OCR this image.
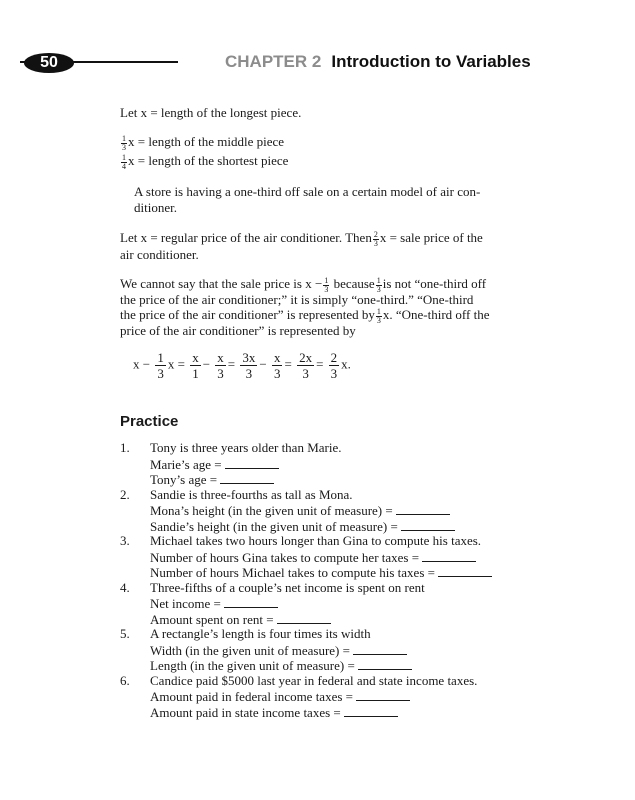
50	CHAPTER 2 Introduction to Variables
Let x = length of the longest piece.
$\frac{1}{3}$ x = length of the middle piece
$\frac{1}{4}$ x = length of the shortest piece
A store is having a one-third off sale on a certain model of air con-
ditioner.
Let x = regular price of the air conditioner. Then $\frac{2}{3}$ x = sale price of the
air conditioner.
We cannot say that the sale price is $x - \frac{1}{3}$ because $\frac{1}{3}$ is not “one-third off
the price of the air conditioner;” it is simply “one-third.” “One-third
the price of the air conditioner” is represented by $\frac{1}{3} x$. “One-third off the
price of the air conditioner” is represented by
$x - \frac{1}{3}$ $x = \frac{x}{1} - \frac{x}{3} = \frac{3x}{3} - \frac{x}{3} = \frac{2x}{3} = \frac{2}{3} x$.
Practice
1. Tony is three years older than Marie.
Marie’s age =
Tony’s age =
2. Sandie is three-fourths as tall as Mona.
Mona’s height (in the given unit of measure) =
Sandie’s height (in the given unit of measure) =
3. Michael takes two hours longer than Gina to compute his taxes.
Number of hours Gina takes to compute her taxes =
Number of hours Michael takes to compute his taxes =
4. Three-fifths of a couple’s net income is spent on rent
Net income =
Amount spent on rent =
5. A rectangle’s length is four times its width
Width (in the given unit of measure) =
Length (in the given unit of measure) =
6. Candice paid $5000 last year in federal and state income taxes.
Amount paid in federal income taxes =
Amount paid in state income taxes =
